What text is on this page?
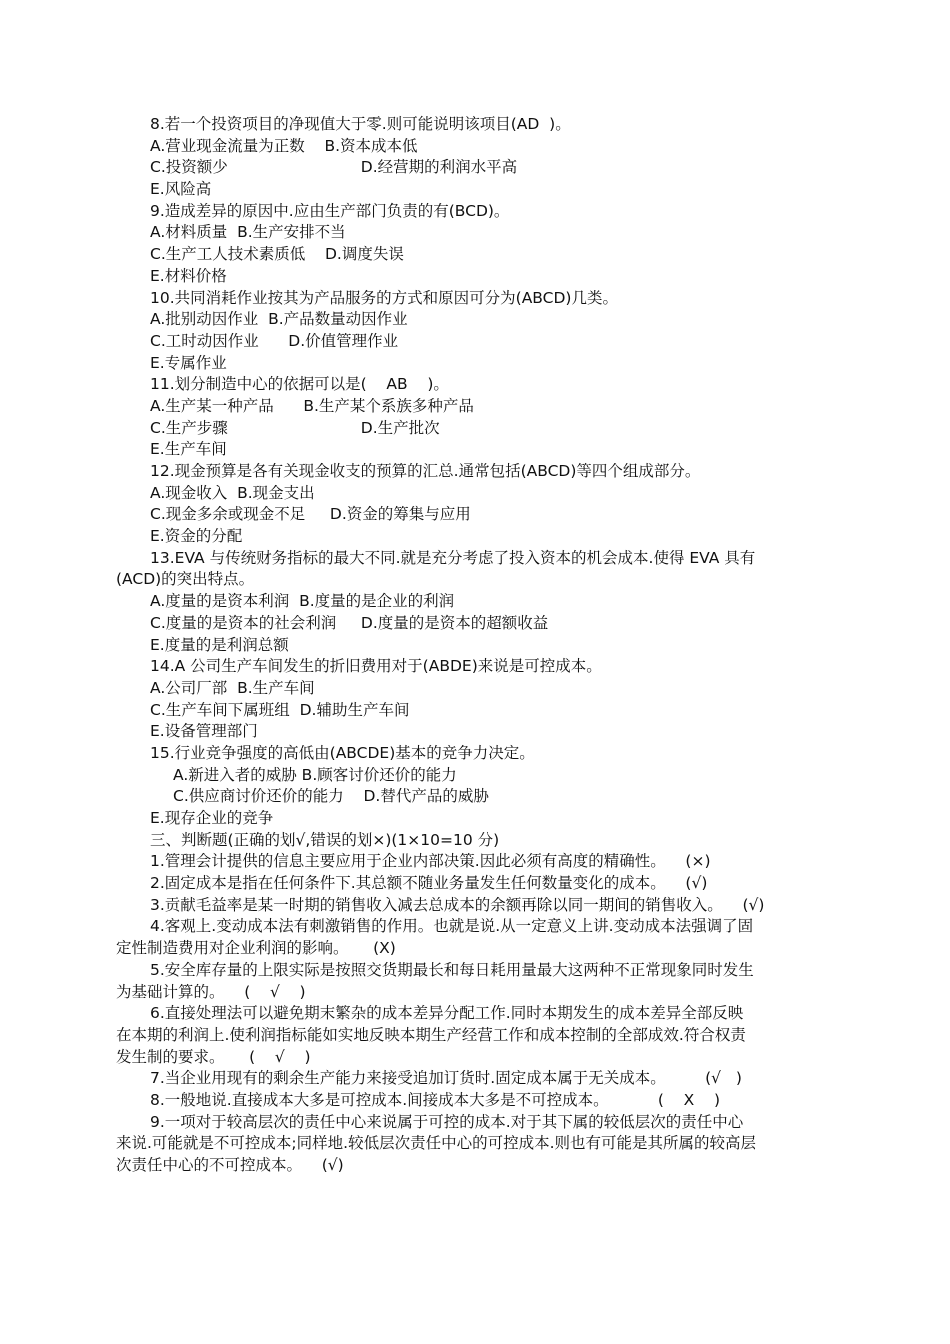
8.若一个投资项目的净现值大于零.则可能说明该项目(AD  )。
A.营业现金流量为正数    B.资本成本低
C.投资额少                           D.经营期的利润水平高
E.风险高
9.造成差异的原因中.应由生产部门负责的有(BCD)。
A.材料质量  B.生产安排不当
C.生产工人技术素质低    D.调度失误
E.材料价格
10.共同消耗作业按其为产品服务的方式和原因可分为(ABCD)几类。
A.批别动因作业  B.产品数量动因作业
C.工时动因作业      D.价值管理作业
E.专属作业
11.划分制造中心的依据可以是(    AB    )。
A.生产某一种产品      B.生产某个系族多种产品
C.生产步骤                           D.生产批次
E.生产车间
12.现金预算是各有关现金收支的预算的汇总.通常包括(ABCD)等四个组成部分。
A.现金收入  B.现金支出
C.现金多余或现金不足     D.资金的筹集与应用
E.资金的分配
13.EVA 与传统财务指标的最大不同.就是充分考虑了投入资本的机会成本.使得 EVA 具有
(ACD)的突出特点。
A.度量的是资本利润  B.度量的是企业的利润
C.度量的是资本的社会利润     D.度量的是资本的超额收益
E.度量的是利润总额
14.A 公司生产车间发生的折旧费用对于(ABDE)来说是可控成本。
A.公司厂部  B.生产车间
C.生产车间下属班组  D.辅助生产车间
E.设备管理部门
15.行业竞争强度的高低由(ABCDE)基本的竞争力决定。
A.新进入者的威胁 B.顾客讨价还价的能力
C.供应商讨价还价的能力    D.替代产品的威胁
E.现存企业的竞争
三、判断题(正确的划√,错误的划×)(1×10=10 分)
1.管理会计提供的信息主要应用于企业内部决策.因此必须有高度的精确性。    (×)
2.固定成本是指在任何条件下.其总额不随业务量发生任何数量变化的成本。    (√)
3.贡献毛益率是某一时期的销售收入减去总成本的余额再除以同一期间的销售收入。    (√)
4.客观上.变动成本法有刺激销售的作用。也就是说.从一定意义上讲.变动成本法强调了固
定性制造费用对企业利润的影响。     (X)
5.安全库存量的上限实际是按照交货期最长和每日耗用量最大这两种不正常现象同时发生
为基础计算的。    (    √    )
6.直接处理法可以避免期末繁杂的成本差异分配工作.同时本期发生的成本差异全部反映
在本期的利润上.使利润指标能如实地反映本期生产经营工作和成本控制的全部成效.符合权责
发生制的要求。     (    √    )
7.当企业用现有的剩余生产能力来接受追加订货时.固定成本属于无关成本。        (√   )
8.一般地说.直接成本大多是可控成本.间接成本大多是不可控成本。          (    X    )
9.一项对于较高层次的责任中心来说属于可控的成本.对于其下属的较低层次的责任中心
来说.可能就是不可控成本;同样地.较低层次责任中心的可控成本.则也有可能是其所属的较高层
次责任中心的不可控成本。    (√)
